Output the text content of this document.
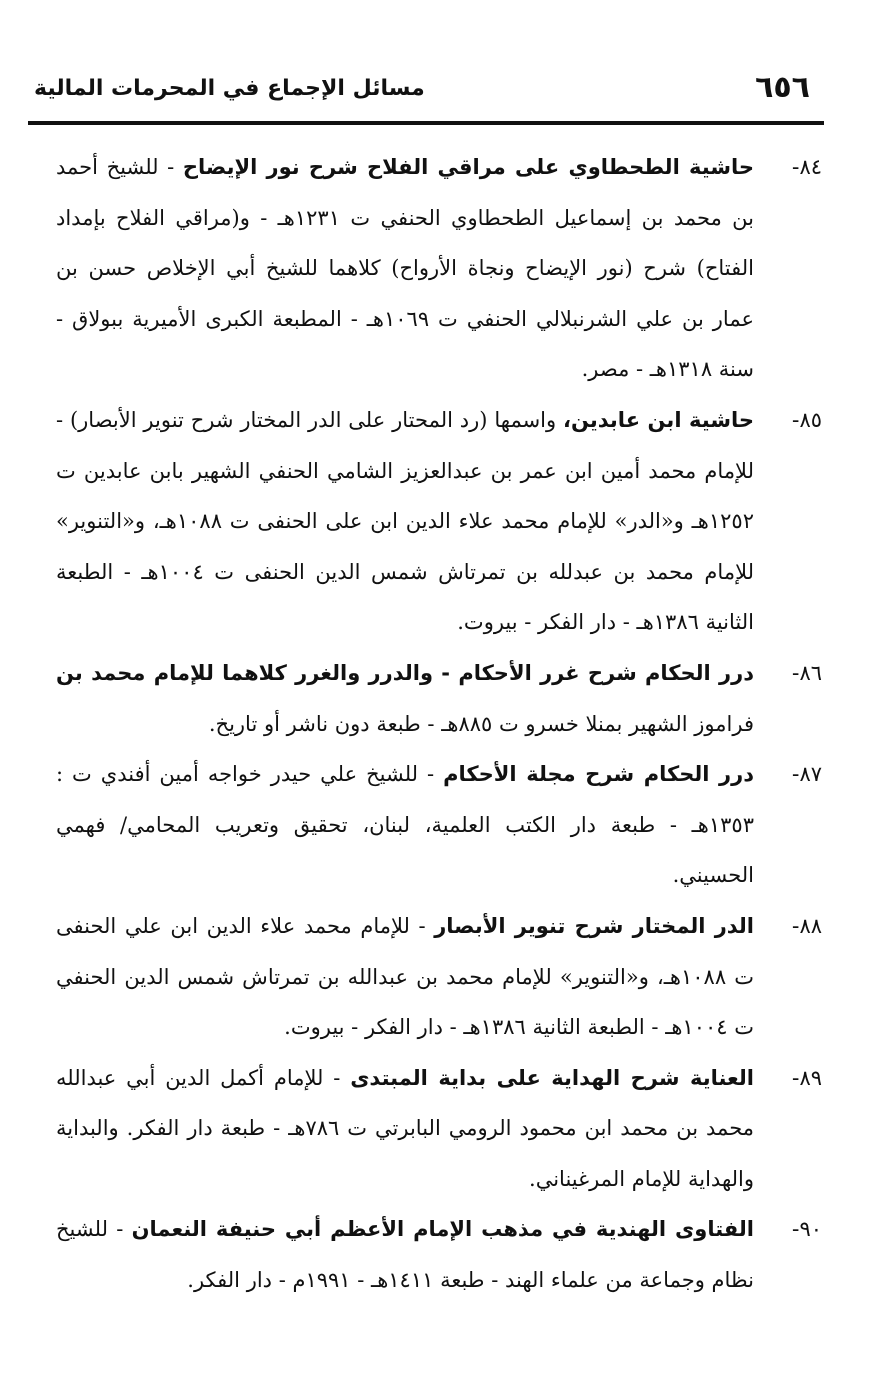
٦٥٦
مسائل الإجماع في المحرمات المالية

٨٤-
حاشية الطحطاوي على مراقي الفلاح شرح نور الإيضاح - للشيخ أحمد بن محمد بن إسماعيل الطحطاوي الحنفي ت ١٢٣١هـ - و(مراقي الفلاح بإمداد الفتاح) شرح (نور الإيضاح ونجاة الأرواح) كلاهما للشيخ أبي الإخلاص حسن بن عمار بن علي الشرنبلالي الحنفي ت ١٠٦٩هـ - المطبعة الكبرى الأميرية ببولاق - سنة ١٣١٨هـ - مصر.

٨٥-
حاشية ابن عابدين، واسمها (رد المحتار على الدر المختار شرح تنوير الأبصار) - للإمام محمد أمين ابن عمر بن عبدالعزيز الشامي الحنفي الشهير بابن عابدين ت ١٢٥٢هـ و«الدر» للإمام محمد علاء الدين ابن على الحنفى ت ١٠٨٨هـ، و«التنوير» للإمام محمد بن عبدلله بن تمرتاش شمس الدين الحنفى ت ١٠٠٤هـ - الطبعة الثانية ١٣٨٦هـ - دار الفكر - بيروت.

٨٦-
درر الحكام شرح غرر الأحكام - والدرر والغرر كلاهما للإمام محمد بن فراموز الشهير بمنلا خسرو ت ٨٨٥هـ - طبعة دون ناشر أو تاريخ.

٨٧-
درر الحكام شرح مجلة الأحكام - للشيخ علي حيدر خواجه أمين أفندي ت : ١٣٥٣هـ - طبعة دار الكتب العلمية، لبنان، تحقيق وتعريب المحامي/ فهمي الحسيني.

٨٨-
الدر المختار شرح تنوير الأبصار - للإمام محمد علاء الدين ابن علي الحنفى ت ١٠٨٨هـ، و«التنوير» للإمام محمد بن عبدالله بن تمرتاش شمس الدين الحنفي ت ١٠٠٤هـ - الطبعة الثانية ١٣٨٦هـ - دار الفكر - بيروت.

٨٩-
العناية شرح الهداية على بداية المبتدى - للإمام أكمل الدين أبي عبدالله محمد بن محمد ابن محمود الرومي البابرتي ت ٧٨٦هـ - طبعة دار الفكر. والبداية والهداية للإمام المرغيناني.

٩٠-
الفتاوى الهندية في مذهب الإمام الأعظم أبي حنيفة النعمان - للشيخ نظام وجماعة من علماء الهند - طبعة ١٤١١هـ - ١٩٩١م - دار الفكر.
